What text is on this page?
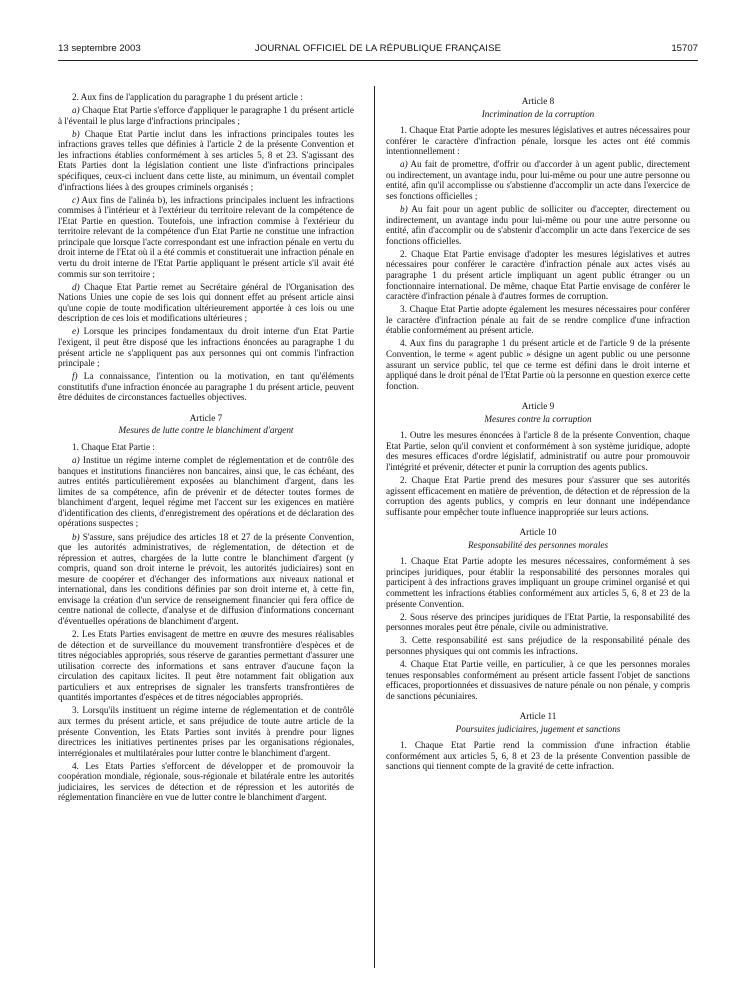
13 septembre 2003	JOURNAL OFFICIEL DE LA RÉPUBLIQUE FRANÇAISE	15707

2. Aux fins de l'application du paragraphe 1 du présent article :

a) Chaque Etat Partie s'efforce d'appliquer le paragraphe 1 du présent article à l'éventail le plus large d'infractions principales ;

b) Chaque Etat Partie inclut dans les infractions principales toutes les infractions graves telles que définies à l'article 2 de la présente Convention et les infractions établies conformément à ses articles 5, 8 et 23. S'agissant des Etats Parties dont la législation contient une liste d'infractions principales spécifiques, ceux-ci incluent dans cette liste, au minimum, un éventail complet d'infractions liées à des groupes criminels organisés ;

c) Aux fins de l'alinéa b), les infractions principales incluent les infractions commises à l'intérieur et à l'extérieur du territoire relevant de la compétence de l'Etat Partie en question. Toutefois, une infraction commise à l'extérieur du territoire relevant de la compétence d'un Etat Partie ne constitue une infraction principale que lorsque l'acte correspondant est une infraction pénale en vertu du droit interne de l'Etat où il a été commis et constituerait une infraction pénale en vertu du droit interne de l'Etat Partie appliquant le présent article s'il avait été commis sur son territoire ;

d) Chaque Etat Partie remet au Secrétaire général de l'Organisation des Nations Unies une copie de ses lois qui donnent effet au présent article ainsi qu'une copie de toute modification ultérieurement apportée à ces lois ou une description de ces lois et modifications ultérieures ;

e) Lorsque les principes fondamentaux du droit interne d'un Etat Partie l'exigent, il peut être disposé que les infractions énoncées au paragraphe 1 du présent article ne s'appliquent pas aux personnes qui ont commis l'infraction principale ;

f) La connaissance, l'intention ou la motivation, en tant qu'éléments constitutifs d'une infraction énoncée au paragraphe 1 du présent article, peuvent être déduites de circonstances factuelles objectives.

Article 7
Mesures de lutte contre le blanchiment d'argent

1. Chaque Etat Partie :

a) Institue un régime interne complet de réglementation et de contrôle des banques et institutions financières non bancaires, ainsi que, le cas échéant, des autres entités particulièrement exposées au blanchiment d'argent, dans les limites de sa compétence, afin de prévenir et de détecter toutes formes de blanchiment d'argent, lequel régime met l'accent sur les exigences en matière d'identification des clients, d'enregistrement des opérations et de déclaration des opérations suspectes ;

b) S'assure, sans préjudice des articles 18 et 27 de la présente Convention, que les autorités administratives, de réglementation, de détection et de répression et autres, chargées de la lutte contre le blanchiment d'argent (y compris, quand son droit interne le prévoit, les autorités judiciaires) sont en mesure de coopérer et d'échanger des informations aux niveaux national et international, dans les conditions définies par son droit interne et, à cette fin, envisage la création d'un service de renseignement financier qui fera office de centre national de collecte, d'analyse et de diffusion d'informations concernant d'éventuelles opérations de blanchiment d'argent.

2. Les Etats Parties envisagent de mettre en œuvre des mesures réalisables de détection et de surveillance du mouvement transfrontière d'espèces et de titres négociables appropriés, sous réserve de garanties permettant d'assurer une utilisation correcte des informations et sans entraver d'aucune façon la circulation des capitaux licites. Il peut être notamment fait obligation aux particuliers et aux entreprises de signaler les transferts transfrontières de quantités importantes d'espèces et de titres négociables appropriés.

3. Lorsqu'ils instituent un régime interne de réglementation et de contrôle aux termes du présent article, et sans préjudice de toute autre article de la présente Convention, les Etats Parties sont invités à prendre pour lignes directrices les initiatives pertinentes prises par les organisations régionales, interrégionales et multilatérales pour lutter contre le blanchiment d'argent.

4. Les Etats Parties s'efforcent de développer et de promouvoir la coopération mondiale, régionale, sous-régionale et bilatérale entre les autorités judiciaires, les services de détection et de répression et les autorités de réglementation financière en vue de lutter contre le blanchiment d'argent.

Article 8
Incrimination de la corruption

1. Chaque Etat Partie adopte les mesures législatives et autres nécessaires pour conférer le caractère d'infraction pénale, lorsque les actes ont été commis intentionnellement :

a) Au fait de promettre, d'offrir ou d'accorder à un agent public, directement ou indirectement, un avantage indu, pour lui-même ou pour une autre personne ou entité, afin qu'il accomplisse ou s'abstienne d'accomplir un acte dans l'exercice de ses fonctions officielles ;

b) Au fait pour un agent public de solliciter ou d'accepter, directement ou indirectement, un avantage indu pour lui-même ou pour une autre personne ou entité, afin d'accomplir ou de s'abstenir d'accomplir un acte dans l'exercice de ses fonctions officielles.

2. Chaque Etat Partie envisage d'adopter les mesures législatives et autres nécessaires pour conférer le caractère d'infraction pénale aux actes visés au paragraphe 1 du présent article impliquant un agent public étranger ou un fonctionnaire international. De même, chaque Etat Partie envisage de conférer le caractère d'infraction pénale à d'autres formes de corruption.

3. Chaque Etat Partie adopte également les mesures nécessaires pour conférer le caractère d'infraction pénale au fait de se rendre complice d'une infraction établie conformément au présent article.

4. Aux fins du paragraphe 1 du présent article et de l'article 9 de la présente Convention, le terme « agent public » désigne un agent public ou une personne assurant un service public, tel que ce terme est défini dans le droit interne et appliqué dans le droit pénal de l'Etat Partie où la personne en question exerce cette fonction.

Article 9
Mesures contre la corruption

1. Outre les mesures énoncées à l'article 8 de la présente Convention, chaque Etat Partie, selon qu'il convient et conformément à son système juridique, adopte des mesures efficaces d'ordre législatif, administratif ou autre pour promouvoir l'intégrité et prévenir, détecter et punir la corruption des agents publics.

2. Chaque Etat Partie prend des mesures pour s'assurer que ses autorités agissent efficacement en matière de prévention, de détection et de répression de la corruption des agents publics, y compris en leur donnant une indépendance suffisante pour empêcher toute influence inappropriée sur leurs actions.

Article 10
Responsabilité des personnes morales

1. Chaque Etat Partie adopte les mesures nécessaires, conformément à ses principes juridiques, pour établir la responsabilité des personnes morales qui participent à des infractions graves impliquant un groupe criminel organisé et qui commettent les infractions établies conformément aux articles 5, 6, 8 et 23 de la présente Convention.

2. Sous réserve des principes juridiques de l'Etat Partie, la responsabilité des personnes morales peut être pénale, civile ou administrative.

3. Cette responsabilité est sans préjudice de la responsabilité pénale des personnes physiques qui ont commis les infractions.

4. Chaque Etat Partie veille, en particulier, à ce que les personnes morales tenues responsables conformément au présent article fassent l'objet de sanctions efficaces, proportionnées et dissuasives de nature pénale ou non pénale, y compris de sanctions pécuniaires.

Article 11
Poursuites judiciaires, jugement et sanctions

1. Chaque Etat Partie rend la commission d'une infraction établie conformément aux articles 5, 6, 8 et 23 de la présente Convention passible de sanctions qui tiennent compte de la gravité de cette infraction.
